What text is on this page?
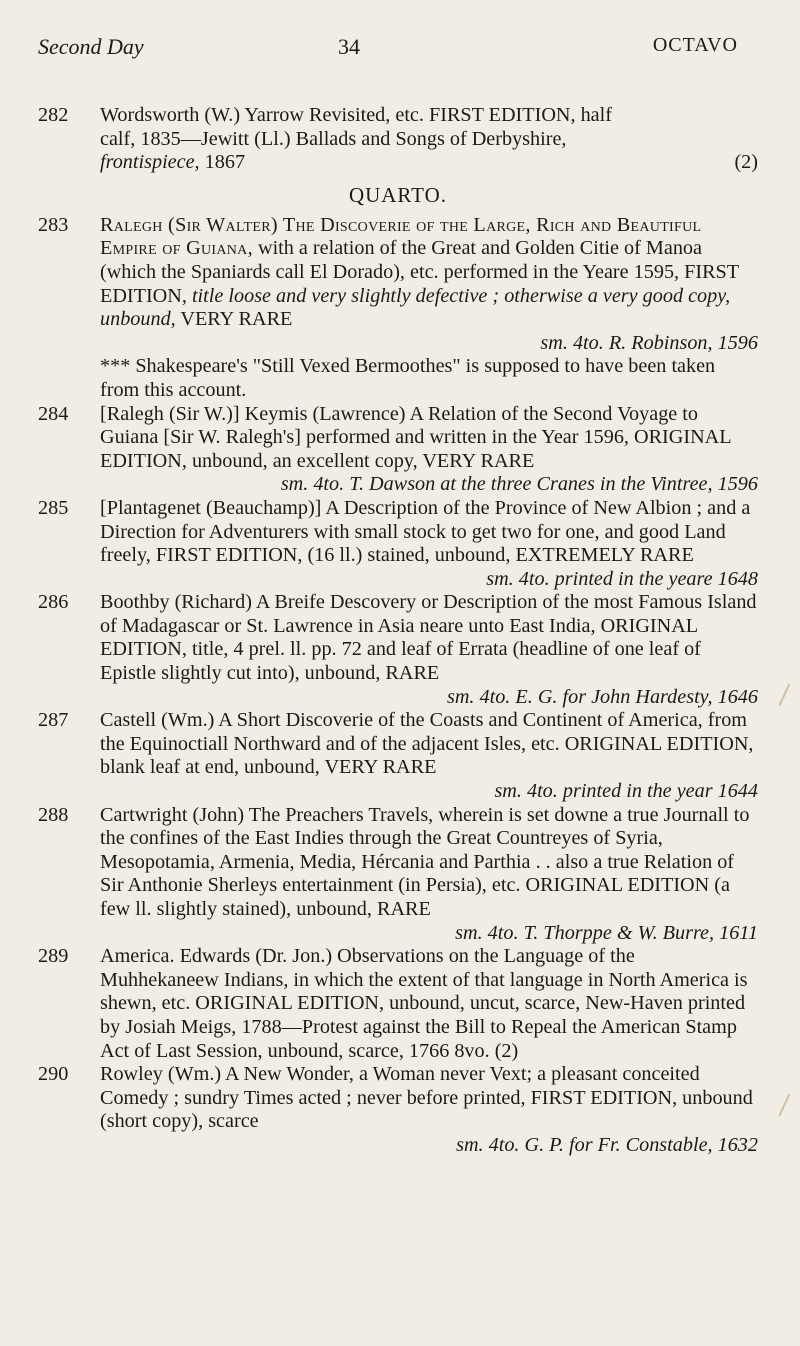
Second Day	34	OCTAVO
282	Wordsworth (W.) Yarrow Revisited, etc. FIRST EDITION, half
calf, 1835—Jewitt (Ll.) Ballads and Songs of Derbyshire,
frontispiece, 1867	(2)
QUARTO.
283	Ralegh (Sir Walter) The Discoverie of the Large, Rich and Beautiful Empire of Guiana, with a relation of the Great and Golden Citie of Manoa (which the Spaniards call El Dorado), etc. performed in the Yeare 1595, FIRST EDITION, title loose and very slightly defective ; otherwise a very good copy, unbound, VERY RARE
sm. 4to. R. Robinson, 1596
*** Shakespeare's "Still Vexed Bermoothes" is supposed to have been taken from this account.
284	[Ralegh (Sir W.)] Keymis (Lawrence) A Relation of the Second Voyage to Guiana [Sir W. Ralegh's] performed and written in the Year 1596, ORIGINAL EDITION, unbound, an excellent copy, VERY RARE
sm. 4to. T. Dawson at the three Cranes in the Vintree, 1596
285	[Plantagenet (Beauchamp)] A Description of the Province of New Albion ; and a Direction for Adventurers with small stock to get two for one, and good Land freely, FIRST EDITION, (16 ll.) stained, unbound, EXTREMELY RARE
sm. 4to. printed in the yeare 1648
286	Boothby (Richard) A Breife Descovery or Description of the most Famous Island of Madagascar or St. Lawrence in Asia neare unto East India, ORIGINAL EDITION, title, 4 prel. ll. pp. 72 and leaf of Errata (headline of one leaf of Epistle slightly cut into), unbound, RARE
sm. 4to. E. G. for John Hardesty, 1646
287	Castell (Wm.) A Short Discoverie of the Coasts and Continent of America, from the Equinoctiall Northward and of the adjacent Isles, etc. ORIGINAL EDITION, blank leaf at end, unbound, VERY RARE
sm. 4to. printed in the year 1644
288	Cartwright (John) The Preachers Travels, wherein is set downe a true Journall to the confines of the East Indies through the Great Countreyes of Syria, Mesopotamia, Armenia, Media, Hércania and Parthia . . also a true Relation of Sir Anthonie Sherleys entertainment (in Persia), etc. ORIGINAL EDITION (a few ll. slightly stained), unbound, RARE
sm. 4to. T. Thorppe & W. Burre, 1611
289	America. Edwards (Dr. Jon.) Observations on the Language of the Muhhekaneew Indians, in which the extent of that language in North America is shewn, etc. ORIGINAL EDITION, unbound, uncut, scarce, New-Haven printed by Josiah Meigs, 1788—Protest against the Bill to Repeal the American Stamp Act of Last Session, unbound, scarce, 1766 8vo. (2)
290	Rowley (Wm.) A New Wonder, a Woman never Vext; a pleasant conceited Comedy ; sundry Times acted ; never before printed, FIRST EDITION, unbound (short copy), scarce
sm. 4to. G. P. for Fr. Constable, 1632
